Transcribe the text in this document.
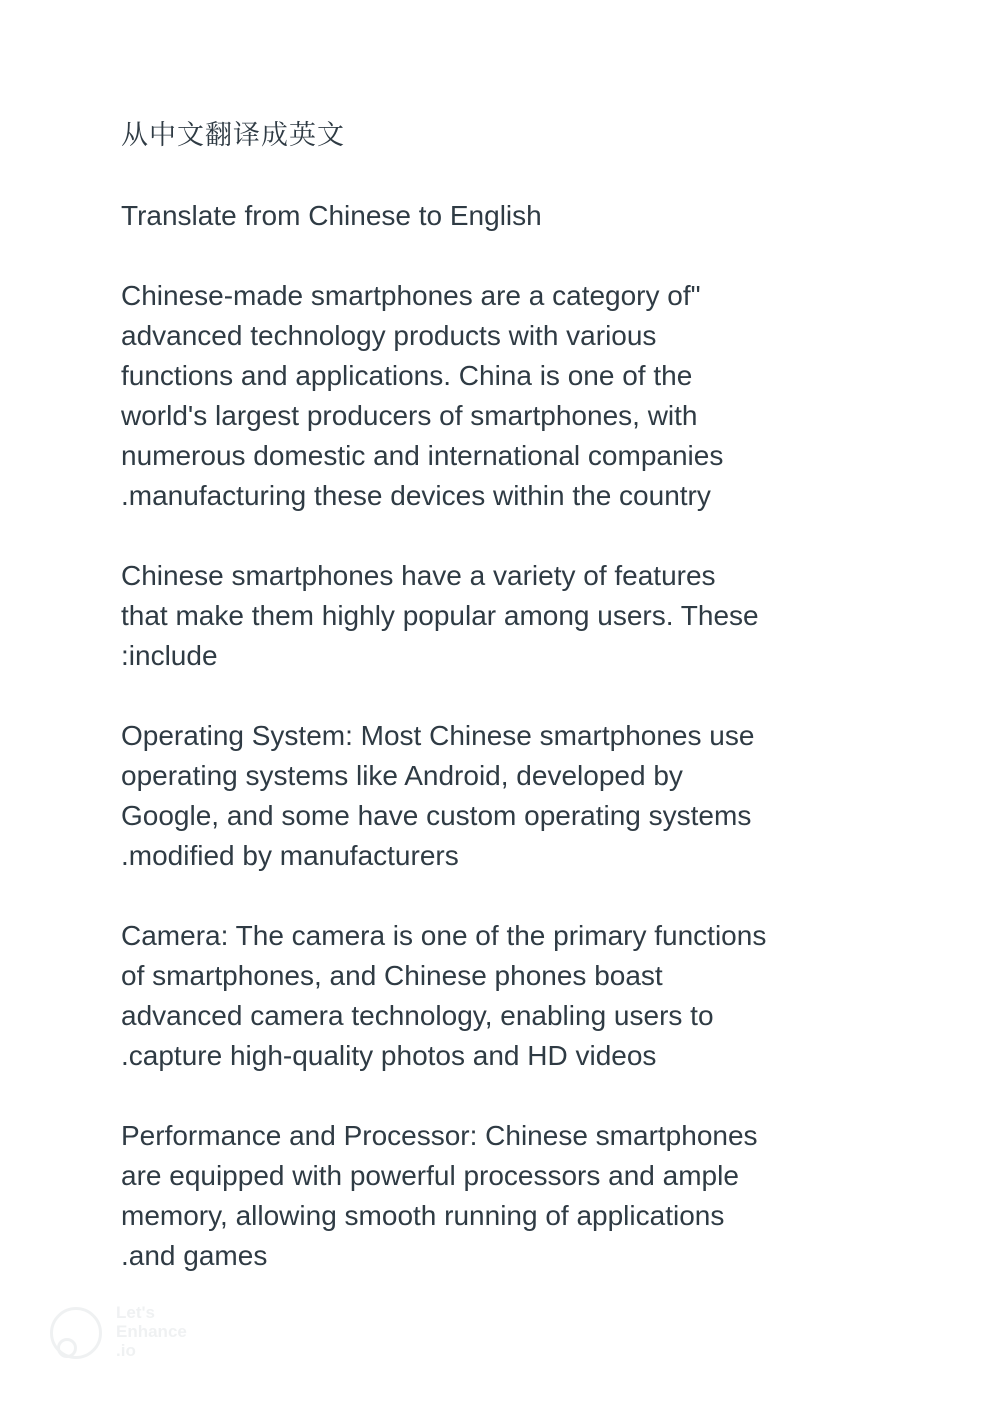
从中文翻译成英文
Translate from Chinese to English
Chinese-made smartphones are a category of"
advanced technology products with various
functions and applications. China is one of the
world's largest producers of smartphones, with
numerous domestic and international companies
.manufacturing these devices within the country
Chinese smartphones have a variety of features
that make them highly popular among users. These
:include
Operating System: Most Chinese smartphones use
operating systems like Android, developed by
Google, and some have custom operating systems
.modified by manufacturers
Camera: The camera is one of the primary functions
of smartphones, and Chinese phones boast
advanced camera technology, enabling users to
.capture high-quality photos and HD videos
Performance and Processor: Chinese smartphones
are equipped with powerful processors and ample
memory, allowing smooth running of applications
.and games
Let's
Enhance
.io
